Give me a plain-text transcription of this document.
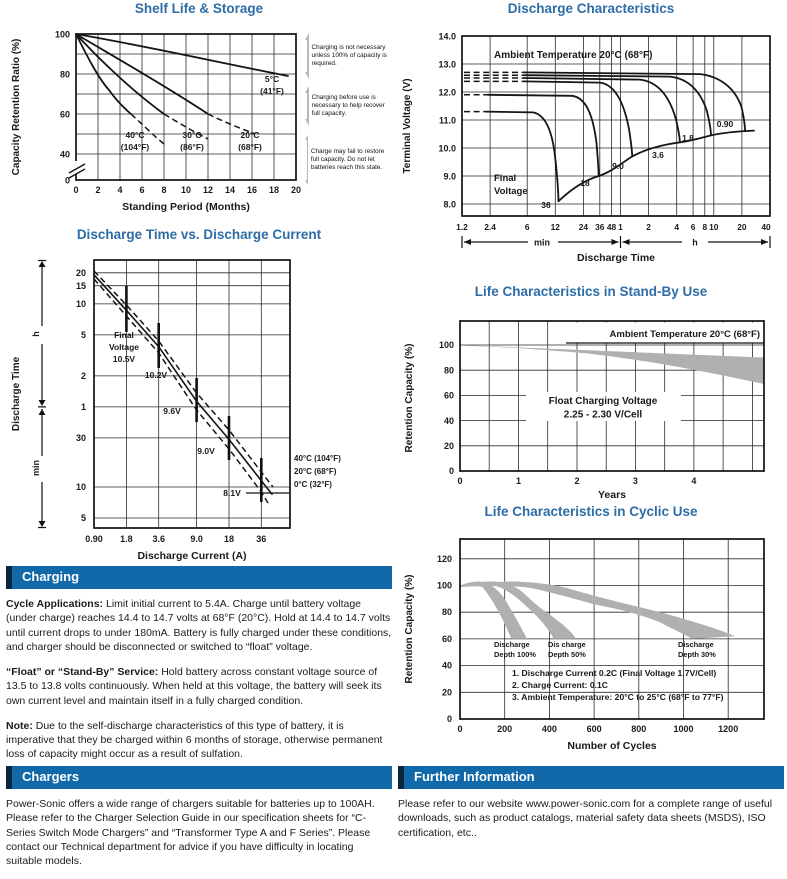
Shelf Life & Storage
40°C
(104°F)
30°C
(86°F)
20°C
(68°F)
5°C
(41°F)
0 2 4 6 8 10 12 14 16 18 20
100
80
60
40
0
Standing Period (Months)
Capacity Retention Ratio (%)	Charging is not necessary unless 100% of capacity is required.
Charging before use is necessary to help recover full capacity.
Charge may fail to restore full capacity. Do not let batteries reach this state.
Discharge Time vs. Discharge Current
Final
Voltage
10.5V
10.2V
9.6V
9.0V
8.1V
40°C (104°F)
20°C (68°F)
0°C (32°F)
20
15
10
5
2
1
30
10
5
h
min
0.90 1.8 3.6	9.0 18 36
Discharge Current (A)
Discharge Time
Charging

Cycle Applications: Limit initial current to 5.4A. Charge until battery voltage (under charge) reaches 14.4 to 14.7 volts at 68°F (20°C). Hold at 14.4 to 14.7 volts until current drops to under 180mA. Battery is fully charged under these conditions, and charger should be disconnected or switched to “float” voltage.

“Float” or “Stand-By” Service: Hold battery across constant voltage source of 13.5 to 13.8 volts continuously. When held at this voltage, the battery will seek its own current level and maintain itself in a fully charged condition.

Note: Due to the self-discharge characteristics of this type of battery, it is imperative that they be charged within 6 months of storage, otherwise permanent loss of capacity might occur as a result of sulfation.

Chargers

Power-Sonic offers a wide range of chargers suitable for batteries up to 100AH. Please refer to the Charger Selection Guide in our specification sheets for “C-Series Switch Mode Chargers” and “Transformer Type A and F Series”. Please contact our Technical department for advice if you have difficulty in locating suitable models.

Discharge Characteristics
Ambient Temperature 20°C (68°F)
36
18
9.0
3.6
1.8
0.90
Final
Voltage
14.0
13.0
12.0
11.0
10.0
9.0
8.0
1.2 2.4	6	12 24 36 48 1	2	4 6 8 10 20 40
min	h
Discharge Time
Terminal Voltage (V)
Life Characteristics in Stand-By Use
Ambient Temperature 20°C (68°F)
Float Charging Voltage
2.25 - 2.30 V/Cell
100
80
60
40
20
0
0	1	2	3	4
Years
Retention Capacity (%)
Life Characteristics in Cyclic Use
Discharge
Depth 100%
Dis charge
Depth 50%
Discharge
Depth 30%
1. Discharge Current 0.2C (Final Voltage 1.7V/Cell)
2. Charge Current: 0.1C
3. Ambient Temperature: 20°C to 25°C (68°F to 77°F)
120
100
80
60
40
20
0
0	200	400	600	800	1000	1200
Number of Cycles
Retention Capacity (%)
Further Information

Please refer to our website www.power-sonic.com for a complete range of useful downloads, such as product catalogs, material safety data sheets (MSDS), ISO certification, etc..
